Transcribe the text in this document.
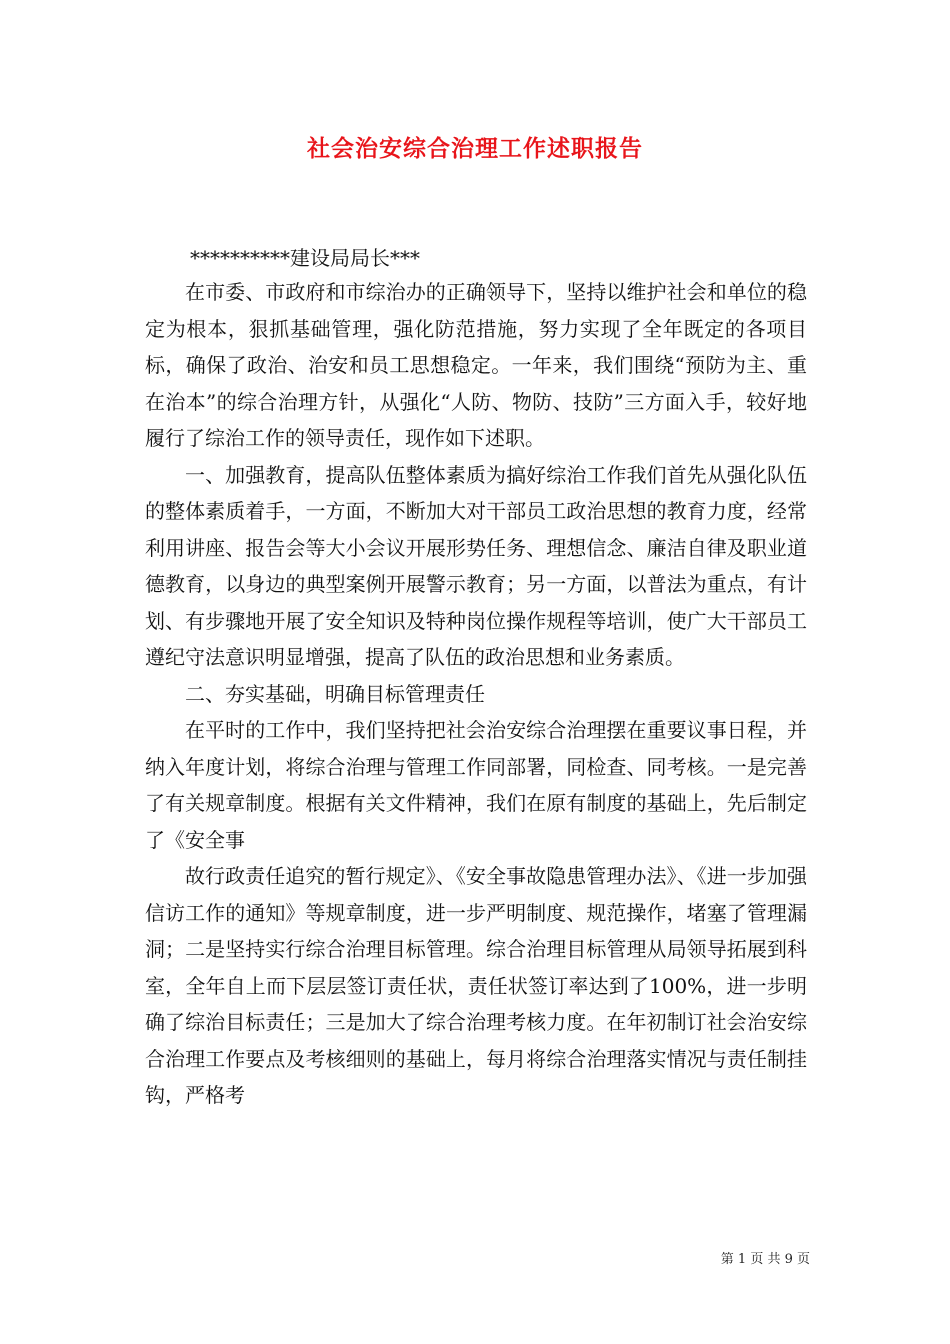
社会治安综合治理工作述职报告
**********建设局局长***

在市委、市政府和市综治办的正确领导下，坚持以维护社会和单位的稳定为根本，狠抓基础管理，强化防范措施，努力实现了全年既定的各项目标，确保了政治、治安和员工思想稳定。一年来，我们围绕“预防为主、重在治本”的综合治理方针，从强化“人防、物防、技防”三方面入手，较好地履行了综治工作的领导责任，现作如下述职。

一、加强教育，提高队伍整体素质为搞好综治工作我们首先从强化队伍的整体素质着手，一方面，不断加大对干部员工政治思想的教育力度，经常利用讲座、报告会等大小会议开展形势任务、理想信念、廉洁自律及职业道德教育，以身边的典型案例开展警示教育；另一方面，以普法为重点，有计划、有步骤地开展了安全知识及特种岗位操作规程等培训，使广大干部员工遵纪守法意识明显增强，提高了队伍的政治思想和业务素质。

二、夯实基础，明确目标管理责任

在平时的工作中，我们坚持把社会治安综合治理摆在重要议事日程，并纳入年度计划，将综合治理与管理工作同部署，同检查、同考核。一是完善了有关规章制度。根据有关文件精神，我们在原有制度的基础上，先后制定了《安全事

故行政责任追究的暂行规定》、《安全事故隐患管理办法》、《进一步加强信访工作的通知》等规章制度，进一步严明制度、规范操作，堵塞了管理漏洞；二是坚持实行综合治理目标管理。综合治理目标管理从局领导拓展到科室，全年自上而下层层签订责任状，责任状签订率达到了100%，进一步明确了综治目标责任；三是加大了综合治理考核力度。在年初制订社会治安综合治理工作要点及考核细则的基础上，每月将综合治理落实情况与责任制挂钩，严格考

第 1 页 共 9 页
